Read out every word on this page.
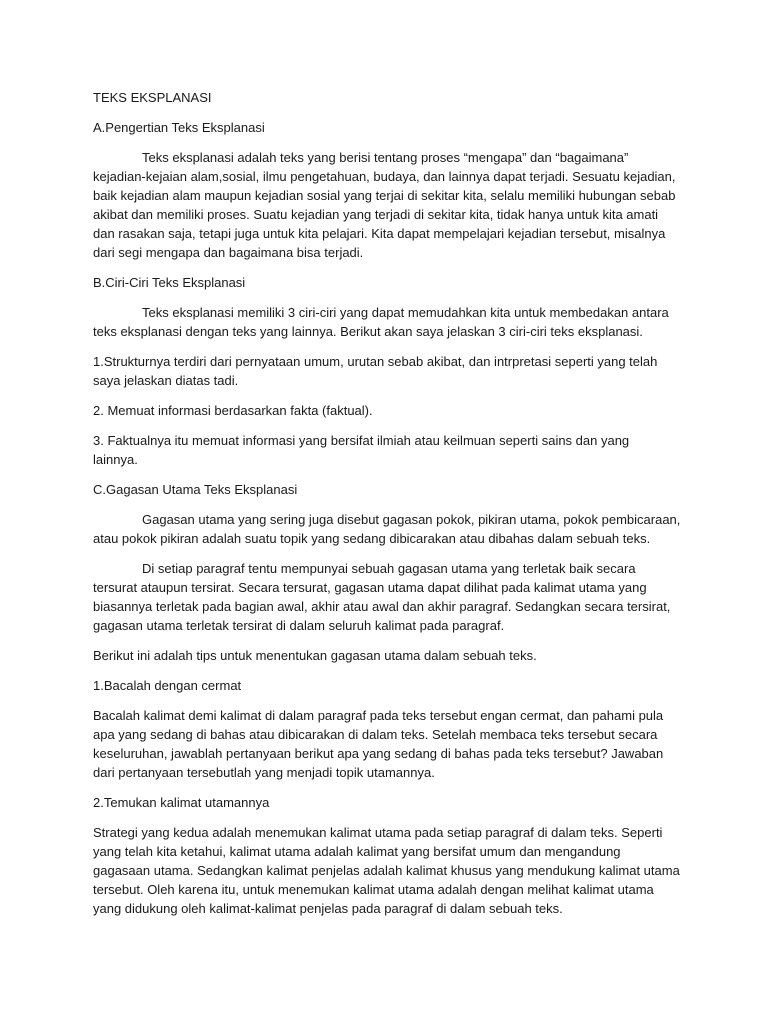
TEKS EKSPLANASI

A.Pengertian Teks Eksplanasi

Teks eksplanasi adalah teks yang berisi tentang proses “mengapa” dan “bagaimana”
kejadian-kejaian alam,sosial, ilmu pengetahuan, budaya, dan lainnya dapat terjadi. Sesuatu kejadian,
baik kejadian alam maupun kejadian sosial yang terjai di sekitar kita, selalu memiliki hubungan sebab
akibat dan memiliki proses. Suatu kejadian yang terjadi di sekitar kita, tidak hanya untuk kita amati
dan rasakan saja, tetapi juga untuk kita pelajari. Kita dapat mempelajari kejadian tersebut, misalnya
dari segi mengapa dan bagaimana bisa terjadi.

B.Ciri-Ciri Teks Eksplanasi

Teks eksplanasi memiliki 3 ciri-ciri yang dapat memudahkan kita untuk membedakan antara
teks eksplanasi dengan teks yang lainnya. Berikut akan saya jelaskan 3 ciri-ciri teks eksplanasi.

1.Strukturnya terdiri dari pernyataan umum, urutan sebab akibat, dan intrpretasi seperti yang telah
saya jelaskan diatas tadi.

2. Memuat informasi berdasarkan fakta (faktual).

3. Faktualnya itu memuat informasi yang bersifat ilmiah atau keilmuan seperti sains dan yang
lainnya.

C.Gagasan Utama Teks Eksplanasi

Gagasan utama yang sering juga disebut gagasan pokok, pikiran utama, pokok pembicaraan,
atau pokok pikiran adalah suatu topik yang sedang dibicarakan atau dibahas dalam sebuah teks.

Di setiap paragraf tentu mempunyai sebuah gagasan utama yang terletak baik secara
tersurat ataupun tersirat. Secara tersurat, gagasan utama dapat dilihat pada kalimat utama yang
biasannya terletak pada bagian awal, akhir atau awal dan akhir paragraf. Sedangkan secara tersirat,
gagasan utama terletak tersirat di dalam seluruh kalimat pada paragraf.

Berikut ini adalah tips untuk menentukan gagasan utama dalam sebuah teks.

1.Bacalah dengan cermat

Bacalah kalimat demi kalimat di dalam paragraf pada teks tersebut engan cermat, dan pahami pula
apa yang sedang di bahas atau dibicarakan di dalam teks. Setelah membaca teks tersebut secara
keseluruhan, jawablah pertanyaan berikut apa yang sedang di bahas pada teks tersebut? Jawaban
dari pertanyaan tersebutlah yang menjadi topik utamannya.

2.Temukan kalimat utamannya

Strategi yang kedua adalah menemukan kalimat utama pada setiap paragraf di dalam teks. Seperti
yang telah kita ketahui, kalimat utama adalah kalimat yang bersifat umum dan mengandung
gagasaan utama. Sedangkan kalimat penjelas adalah kalimat khusus yang mendukung kalimat utama
tersebut. Oleh karena itu, untuk menemukan kalimat utama adalah dengan melihat kalimat utama
yang didukung oleh kalimat-kalimat penjelas pada paragraf di dalam sebuah teks.
